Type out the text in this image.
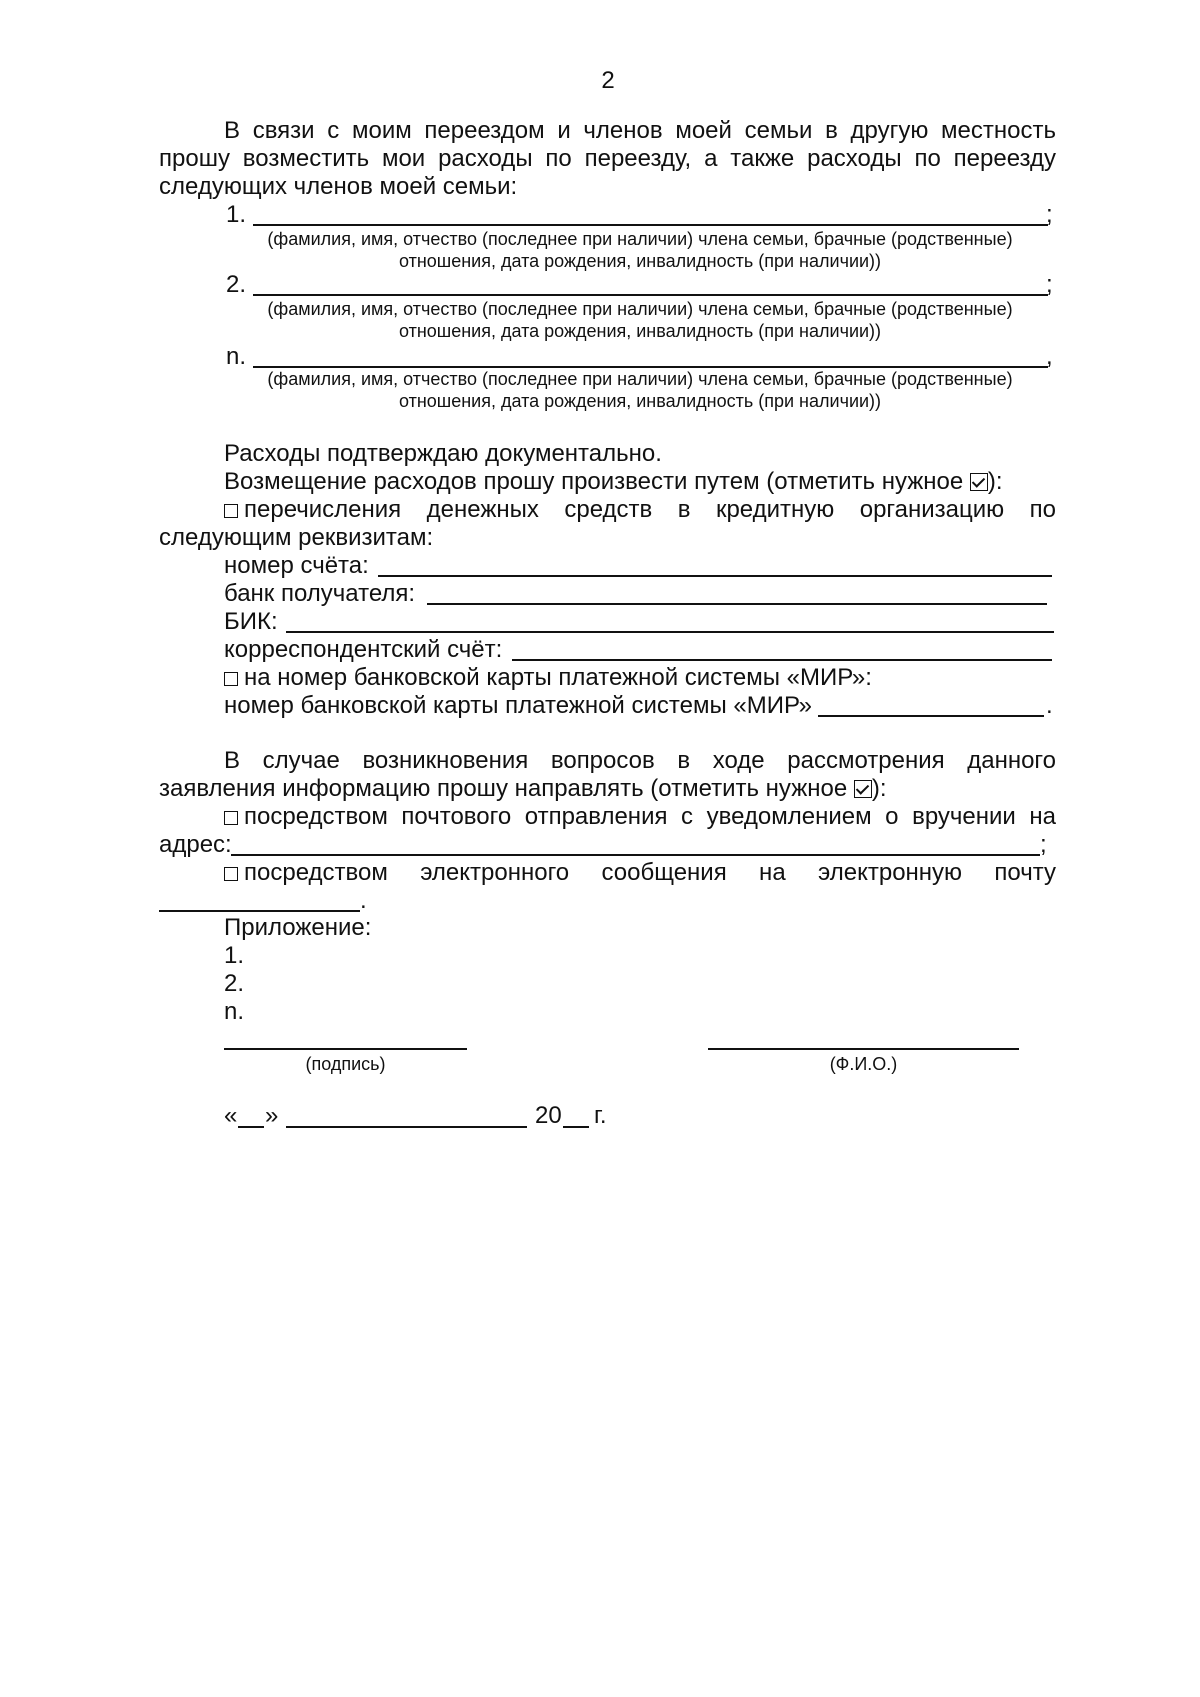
2
В связи с моим переездом и членов моей семьи в другую местность
прошу возместить мои расходы по переезду, а также расходы по переезду
следующих членов моей семьи:
1.	;
(фамилия, имя, отчество (последнее при наличии) члена семьи, брачные (родственные)
отношения, дата рождения, инвалидность (при наличии))
2.	;
(фамилия, имя, отчество (последнее при наличии) члена семьи, брачные (родственные)
отношения, дата рождения, инвалидность (при наличии))
n.	,
(фамилия, имя, отчество (последнее при наличии) члена семьи, брачные (родственные)
отношения, дата рождения, инвалидность (при наличии))
Расходы подтверждаю документально.
Возмещение расходов прошу произвести путем (отметить нужное ):
перечисления денежных средств в кредитную организацию по
следующим реквизитам:
номер счёта:
банк получателя:
БИК:
корреспондентский счёт:
на номер банковской карты платежной системы «МИР»:
номер банковской карты платежной системы «МИР»	.
В случае возникновения вопросов в ходе рассмотрения данного
заявления информацию прошу направлять (отметить нужное ):
посредством почтового отправления с уведомлением о вручении на
адрес:	;
посредством электронного сообщения на электронную почту
.
Приложение:
1.
2.
n.
(подпись)	(Ф.И.О.)
« »	20 г.
